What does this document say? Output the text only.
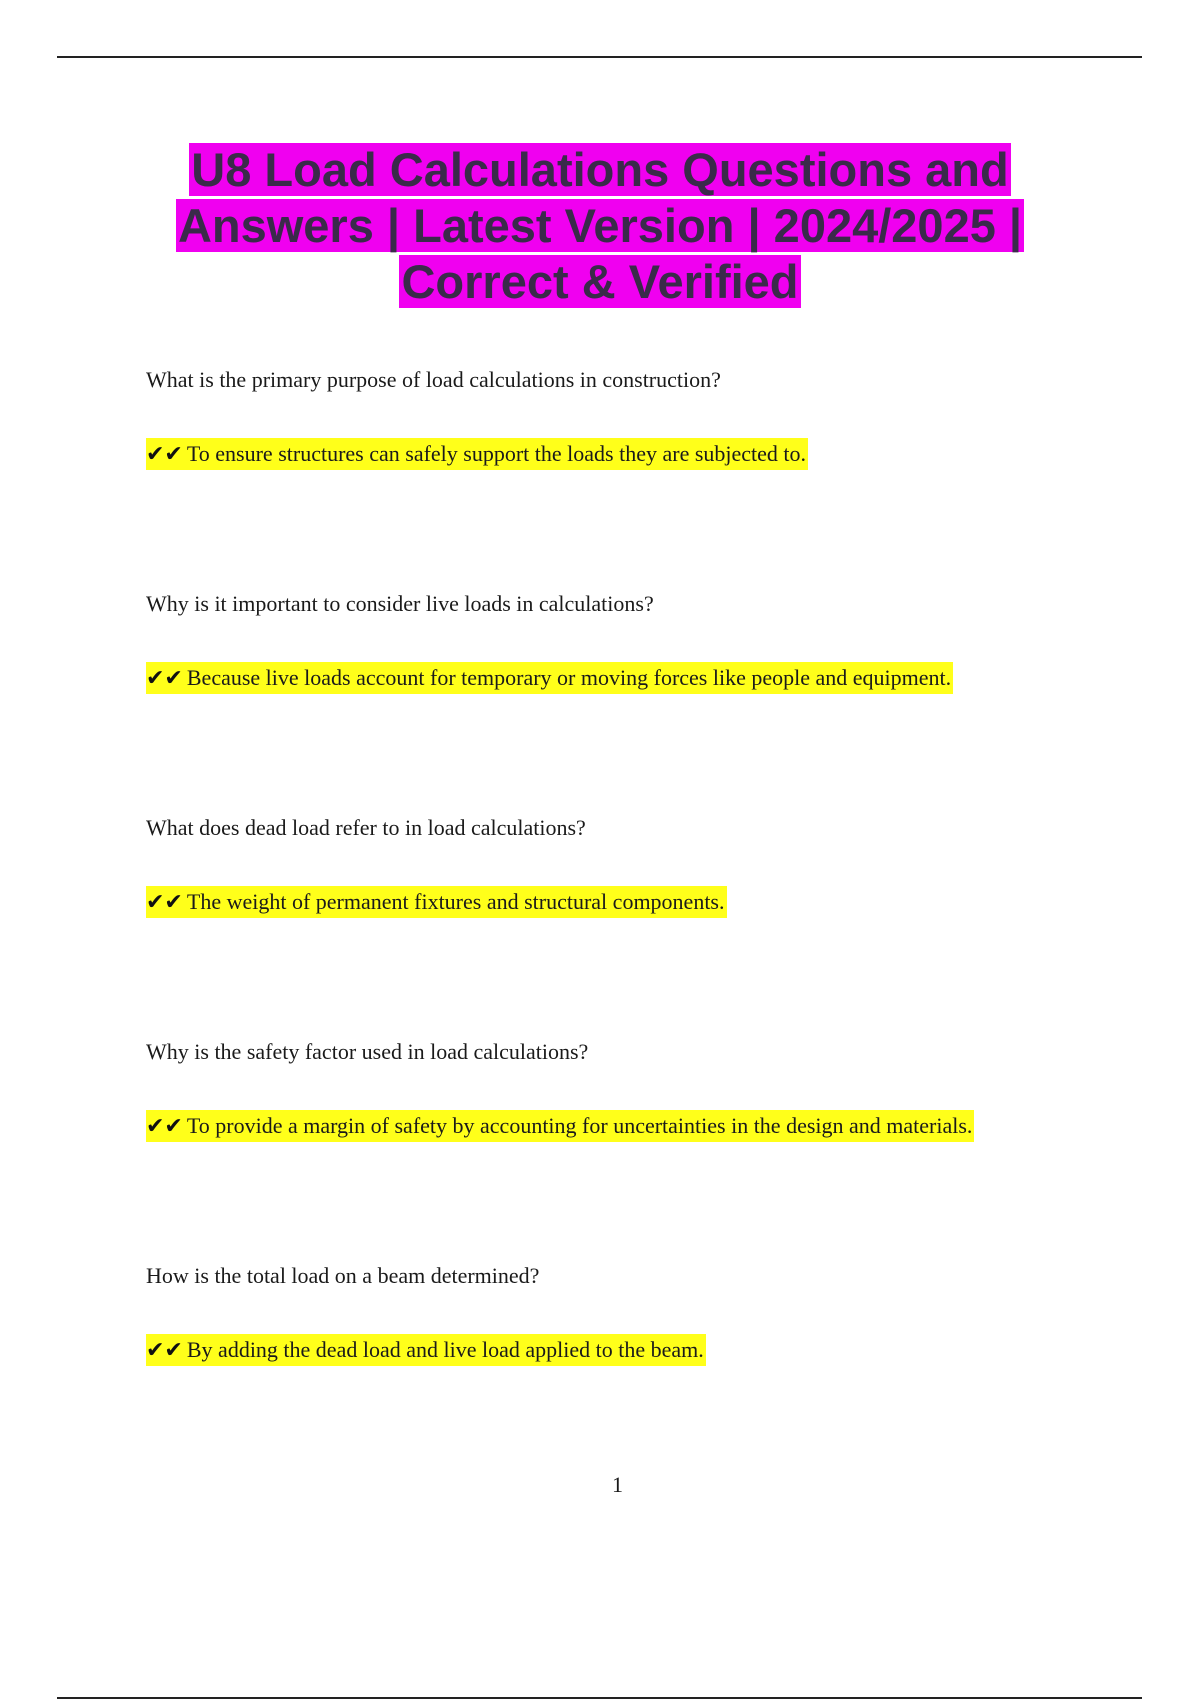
U8 Load Calculations Questions and Answers | Latest Version | 2024/2025 | Correct & Verified

What is the primary purpose of load calculations in construction?

✔✔ To ensure structures can safely support the loads they are subjected to.

Why is it important to consider live loads in calculations?

✔✔ Because live loads account for temporary or moving forces like people and equipment.

What does dead load refer to in load calculations?

✔✔ The weight of permanent fixtures and structural components.

Why is the safety factor used in load calculations?

✔✔ To provide a margin of safety by accounting for uncertainties in the design and materials.

How is the total load on a beam determined?

✔✔ By adding the dead load and live load applied to the beam.
1
